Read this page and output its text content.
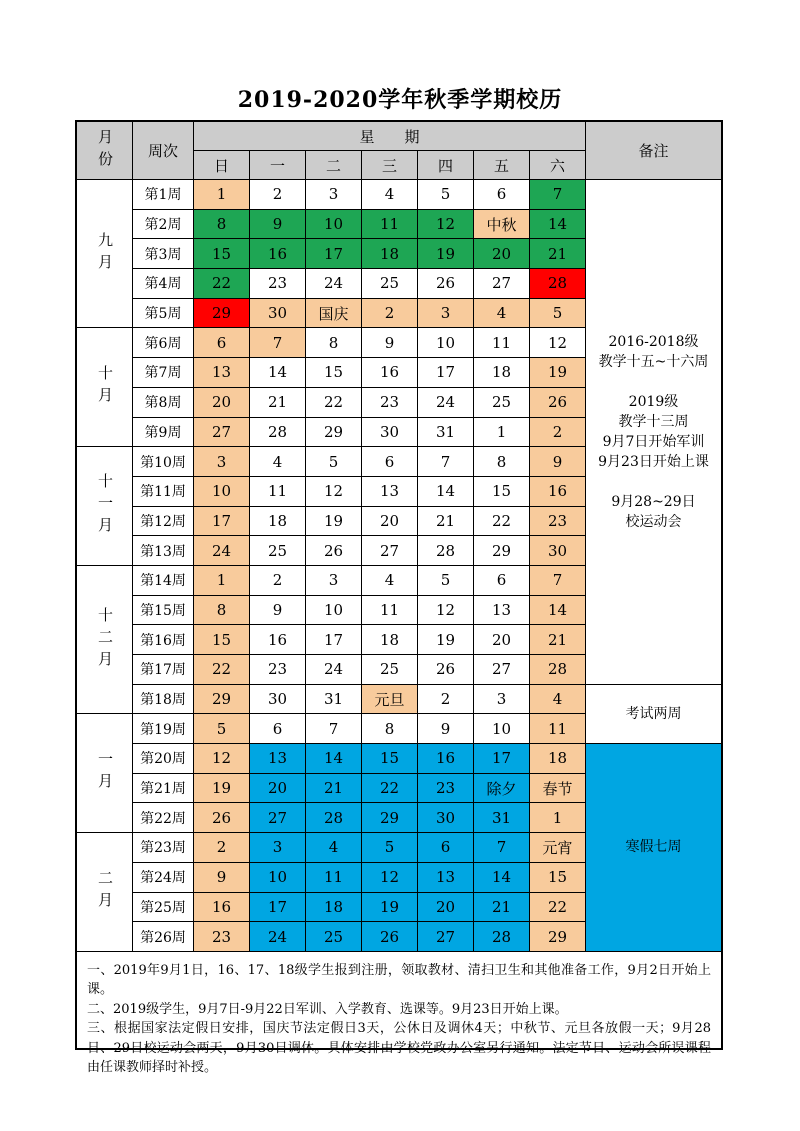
2019-2020学年秋季学期校历
月份	周次
星期
日	一	二	三	四	五	六
备注
九月
十月
十一月
十二月
一月
二月
第1周	1	2	3	4	5	6	7
第2周	8	9	10	11	12	中秋	14
第3周	15	16	17	18	19	20	21
第4周	22	23	24	25	26	27	28
第5周	29	30	国庆	2	3	4	5
第6周	6	7	8	9	10	11	12
第7周	13	14	15	16	17	18	19
第8周	20	21	22	23	24	25	26
第9周	27	28	29	30	31	1	2
第10周	3	4	5	6	7	8	9
第11周	10	11	12	13	14	15	16
第12周	17	18	19	20	21	22	23
第13周	24	25	26	27	28	29	30
第14周	1	2	3	4	5	6	7
第15周	8	9	10	11	12	13	14
第16周	15	16	17	18	19	20	21
第17周	22	23	24	25	26	27	28
第18周	29	30	31	元旦	2	3	4
第19周	5	6	7	8	9	10	11
第20周	12	13	14	15	16	17	18
第21周	19	20	21	22	23	除夕	春节
第22周	26	27	28	29	30	31	1
第23周	2	3	4	5	6	7	元宵
第24周	9	10	11	12	13	14	15
第25周	16	17	18	19	20	21	22
第26周	23	24	25	26	27	28	29
2016-2018级
教学十五~十六周

2019级
教学十三周
9月7日开始军训
9月23日开始上课

9月28~29日
校运动会
考试两周
寒假七周

一、2019年9月1日，16、17、18级学生报到注册，领取教材、清扫卫生和其他准备工作，9月2日开始上课。

二、2019级学生，9月7日-9月22日军训、入学教育、选课等。9月23日开始上课。

三、根据国家法定假日安排，国庆节法定假日3天，公休日及调休4天；中秋节、元旦各放假一天；9月28日、29日校运动会两天，9月30日调休。具体安排由学校党政办公室另行通知。法定节日、运动会所误课程由任课教师择时补授。
